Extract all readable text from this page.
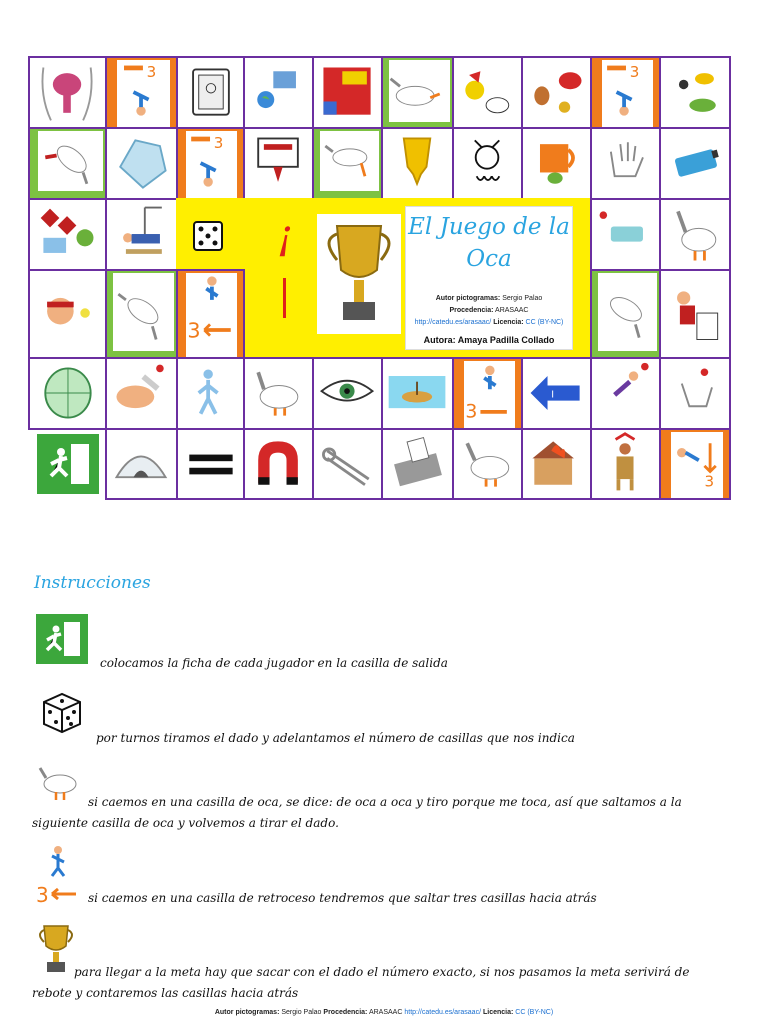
3	3
3
¡	El Juego de la Oca
Autor pictogramas: Sergio Palao
Procedencia: ARASAAC
http://catedu.es/arasaac/ Licencia: CC (BY-NC)
Autora: Amaya Padilla Collado
3
3
I
3
Instrucciones
colocamos la ficha de cada jugador en la casilla de salida
por turnos tiramos el dado y adelantamos el número de casillas que nos indica
si caemos en una casilla de oca, se dice: de oca a oca y tiro porque me toca, así que saltamos a la siguiente casilla de oca y volvemos a tirar el dado.
3	si caemos en una casilla de retroceso tendremos que saltar tres casillas hacia atrás
para llegar a la meta hay que sacar con el dado el número exacto, si nos pasamos la meta serivirá de rebote y contaremos las casillas hacia atrás
Autor pictogramas: Sergio Palao Procedencia: ARASAAC http://catedu.es/arasaac/ Licencia: CC (BY-NC)
